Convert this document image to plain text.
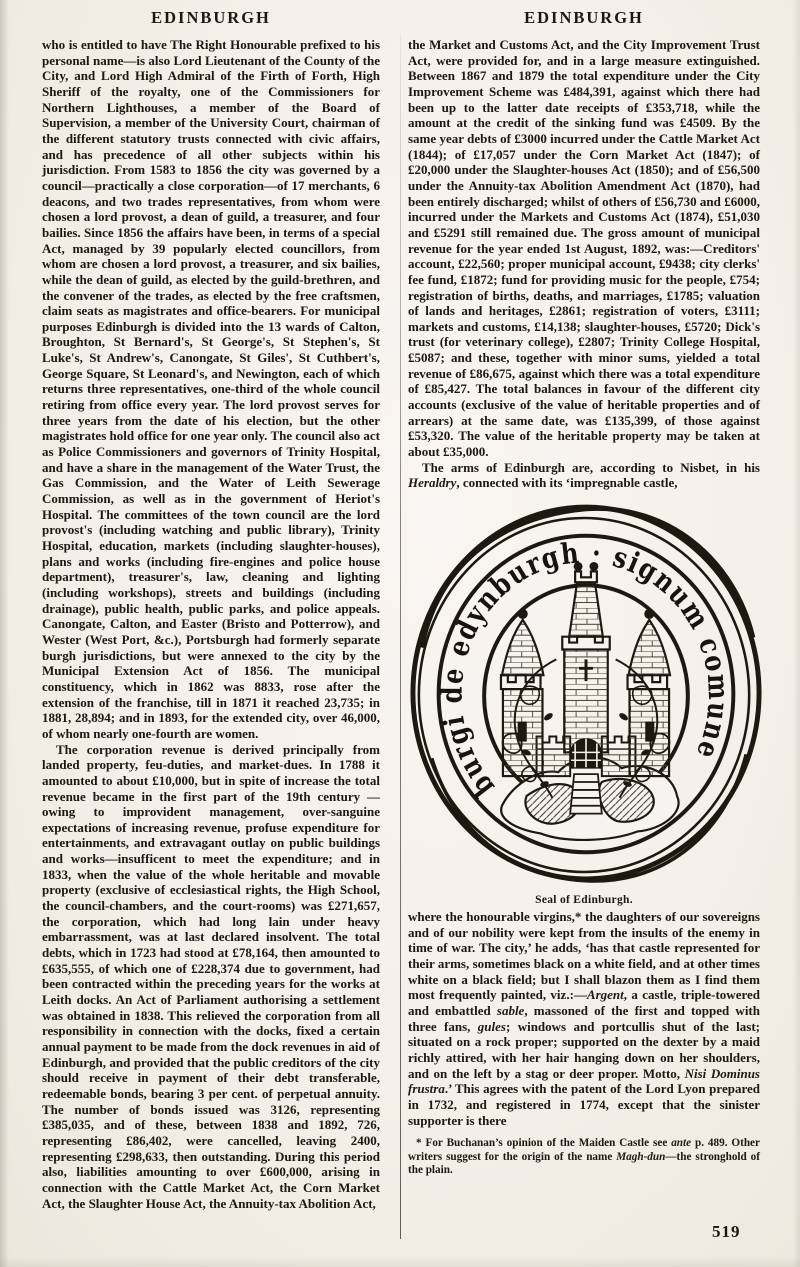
EDINBURGH

who is entitled to have The Right Honourable prefixed to his personal name—is also Lord Lieutenant of the County of the City, and Lord High Admiral of the Firth of Forth, High Sheriff of the royalty, one of the Commissioners for Northern Lighthouses, a member of the Board of Supervision, a member of the University Court, chairman of the different statutory trusts connected with civic affairs, and has precedence of all other subjects within his jurisdiction. From 1583 to 1856 the city was governed by a council—practically a close corporation—of 17 merchants, 6 deacons, and two trades representatives, from whom were chosen a lord provost, a dean of guild, a treasurer, and four bailies. Since 1856 the affairs have been, in terms of a special Act, managed by 39 popularly elected councillors, from whom are chosen a lord provost, a treasurer, and six bailies, while the dean of guild, as elected by the guild-brethren, and the convener of the trades, as elected by the free craftsmen, claim seats as magistrates and office-bearers. For municipal purposes Edinburgh is divided into the 13 wards of Calton, Broughton, St Bernard's, St George's, St Stephen's, St Luke's, St Andrew's, Canongate, St Giles', St Cuthbert's, George Square, St Leonard's, and Newington, each of which returns three representatives, one-third of the whole council retiring from office every year. The lord provost serves for three years from the date of his election, but the other magistrates hold office for one year only. The council also act as Police Commissioners and governors of Trinity Hospital, and have a share in the management of the Water Trust, the Gas Commission, and the Water of Leith Sewerage Commission, as well as in the government of Heriot's Hospital. The committees of the town council are the lord provost's (including watching and public library), Trinity Hospital, education, markets (including slaughter-houses), plans and works (including fire-engines and police house department), treasurer's, law, cleaning and lighting (including workshops), streets and buildings (including drainage), public health, public parks, and police appeals. Canongate, Calton, and Easter (Bristo and Potterrow), and Wester (West Port, &c.), Portsburgh had formerly separate burgh jurisdictions, but were annexed to the city by the Municipal Extension Act of 1856. The municipal constituency, which in 1862 was 8833, rose after the extension of the franchise, till in 1871 it reached 23,735; in 1881, 28,894; and in 1893, for the extended city, over 46,000, of whom nearly one-fourth are women.

The corporation revenue is derived principally from landed property, feu-duties, and market-dues. In 1788 it amounted to about £10,000, but in spite of increase the total revenue became in the first part of the 19th century — owing to improvident management, over-sanguine expectations of increasing revenue, profuse expenditure for entertainments, and extravagant outlay on public buildings and works—insufficent to meet the expenditure; and in 1833, when the value of the whole heritable and movable property (exclusive of ecclesiastical rights, the High School, the council-chambers, and the court-rooms) was £271,657, the corporation, which had long lain under heavy embarrassment, was at last declared insolvent. The total debts, which in 1723 had stood at £78,164, then amounted to £635,555, of which one of £228,374 due to government, had been contracted within the preceding years for the works at Leith docks. An Act of Parliament authorising a settlement was obtained in 1838. This relieved the corporation from all responsibility in connection with the docks, fixed a certain annual payment to be made from the dock revenues in aid of Edinburgh, and provided that the public creditors of the city should receive in payment of their debt transferable, redeemable bonds, bearing 3 per cent. of perpetual annuity. The number of bonds issued was 3126, representing £385,035, and of these, between 1838 and 1892, 726, representing £86,402, were cancelled, leaving 2400, representing £298,633, then outstanding. During this period also, liabilities amounting to over £600,000, arising in connection with the Cattle Market Act, the Corn Market Act, the Slaughter House Act, the Annuity-tax Abolition Act,

EDINBURGH

the Market and Customs Act, and the City Improvement Trust Act, were provided for, and in a large measure extinguished. Between 1867 and 1879 the total expenditure under the City Improvement Scheme was £484,391, against which there had been up to the latter date receipts of £353,718, while the amount at the credit of the sinking fund was £4509. By the same year debts of £3000 incurred under the Cattle Market Act (1844); of £17,057 under the Corn Market Act (1847); of £20,000 under the Slaughter-houses Act (1850); and of £56,500 under the Annuity-tax Abolition Amendment Act (1870), had been entirely discharged; whilst of others of £56,730 and £6000, incurred under the Markets and Customs Act (1874), £51,030 and £5291 still remained due. The gross amount of municipal revenue for the year ended 1st August, 1892, was:—Creditors' account, £22,560; proper municipal account, £9438; city clerks' fee fund, £1872; fund for providing music for the people, £754; registration of births, deaths, and marriages, £1785; valuation of lands and heritages, £2861; registration of voters, £3111; markets and customs, £14,138; slaughter-houses, £5720; Dick's trust (for veterinary college), £2807; Trinity College Hospital, £5087; and these, together with minor sums, yielded a total revenue of £86,675, against which there was a total expenditure of £85,427. The total balances in favour of the different city accounts (exclusive of the value of heritable properties and of arrears) at the same date, was £135,399, of those against £53,320. The value of the heritable property may be taken at about £35,000.

The arms of Edinburgh are, according to Nisbet, in his Heraldry, connected with its ‘impregnable castle,

burgi de edynburgh · signum comune
Seal of Edinburgh.

where the honourable virgins,* the daughters of our sovereigns and of our nobility were kept from the insults of the enemy in time of war. The city,’ he adds, ‘has that castle represented for their arms, sometimes black on a white field, and at other times white on a black field; but I shall blazon them as I find them most frequently painted, viz.:—Argent, a castle, triple-towered and embattled sable, massoned of the first and topped with three fans, gules; windows and portcullis shut of the last; situated on a rock proper; supported on the dexter by a maid richly attired, with her hair hanging down on her shoulders, and on the left by a stag or deer proper. Motto, Nisi Dominus frustra.’ This agrees with the patent of the Lord Lyon prepared in 1732, and registered in 1774, except that the sinister supporter is there

* For Buchanan’s opinion of the Maiden Castle see ante p. 489. Other writers suggest for the origin of the name Magh-dun—the stronghold of the plain.

519
